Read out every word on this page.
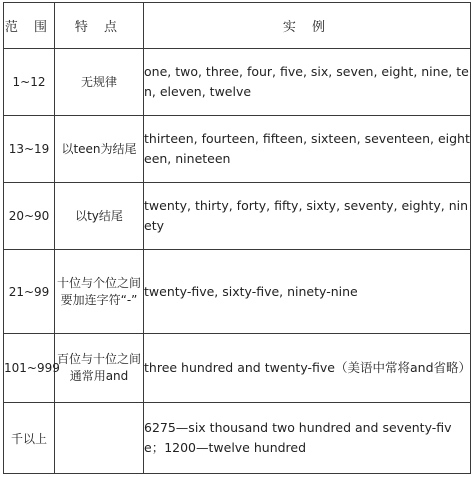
范 围	特 点	实 例
1~12	无规律	one, two, three, four, five, six, seven, eight, nine, ten, eleven, twelve
13~19	以teen为结尾	thirteen, fourteen, fifteen, sixteen, seventeen, eighteen, nineteen
20~90	以ty结尾	twenty, thirty, forty, fifty, sixty, seventy, eighty, ninety
21~99	十位与个位之间要加连字符“-”	twenty-five, sixty-five, ninety-nine
101~999	百位与十位之间通常用and	three hundred and twenty-five（美语中常将and省略）
千以上		6275—six thousand two hundred and seventy-five；1200—twelve hundred
